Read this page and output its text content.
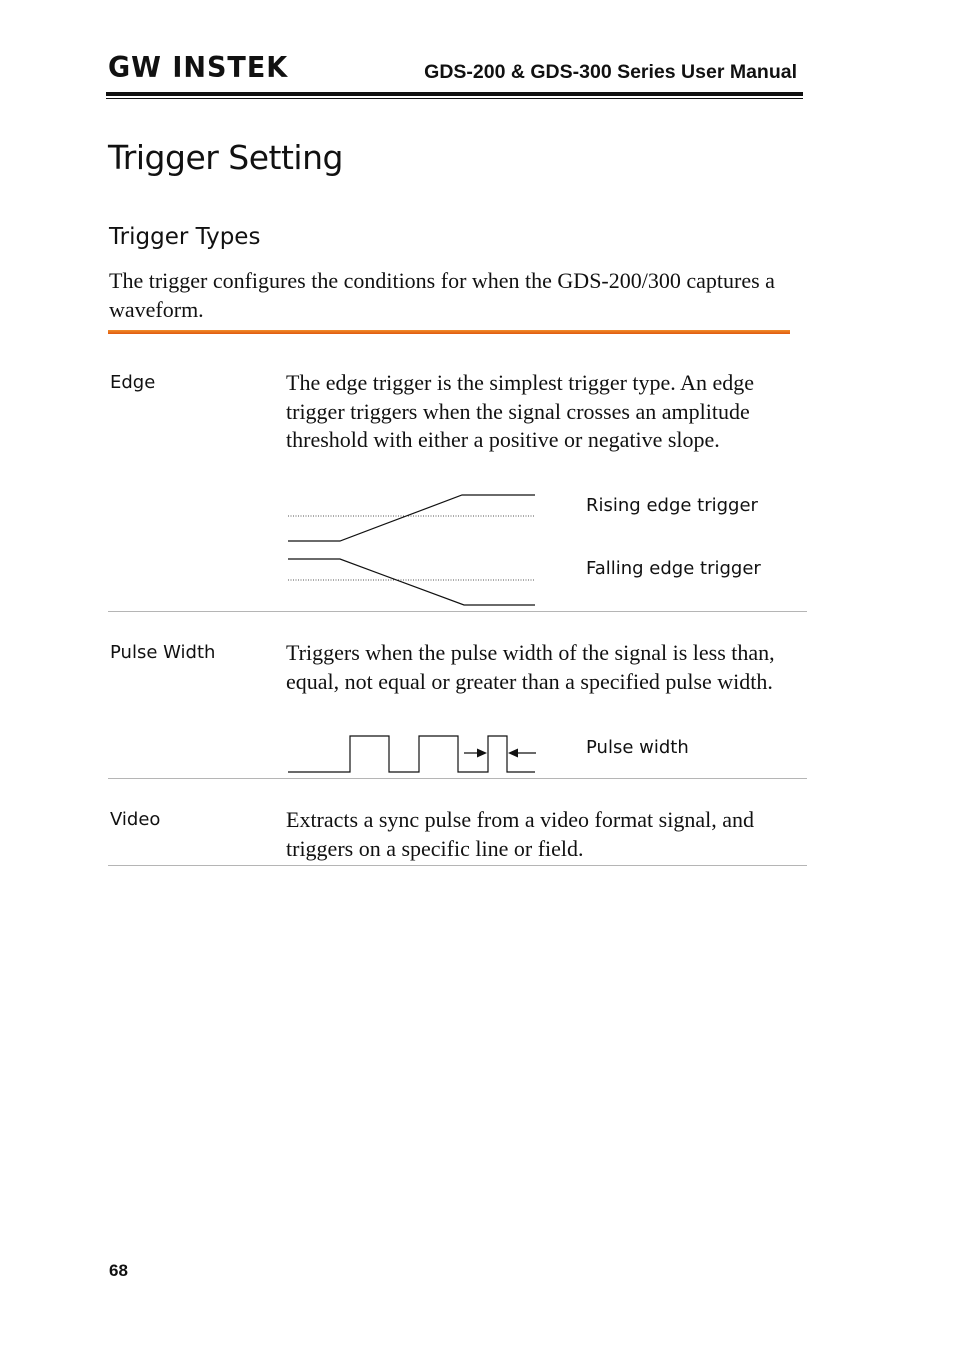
GW INSTEK	GDS-200 & GDS-300 Series User Manual
Trigger Setting
Trigger Types
The trigger configures the conditions for when the GDS-200/300 captures a waveform.
Edge	The edge trigger is the simplest trigger type. An edge trigger triggers when the signal crosses an amplitude threshold with either a positive or negative slope.
Rising edge trigger
Falling edge trigger
Pulse Width	Triggers when the pulse width of the signal is less than, equal, not equal or greater than a specified pulse width.
Pulse width
Video	Extracts a sync pulse from a video format signal, and triggers on a specific line or field.
68
